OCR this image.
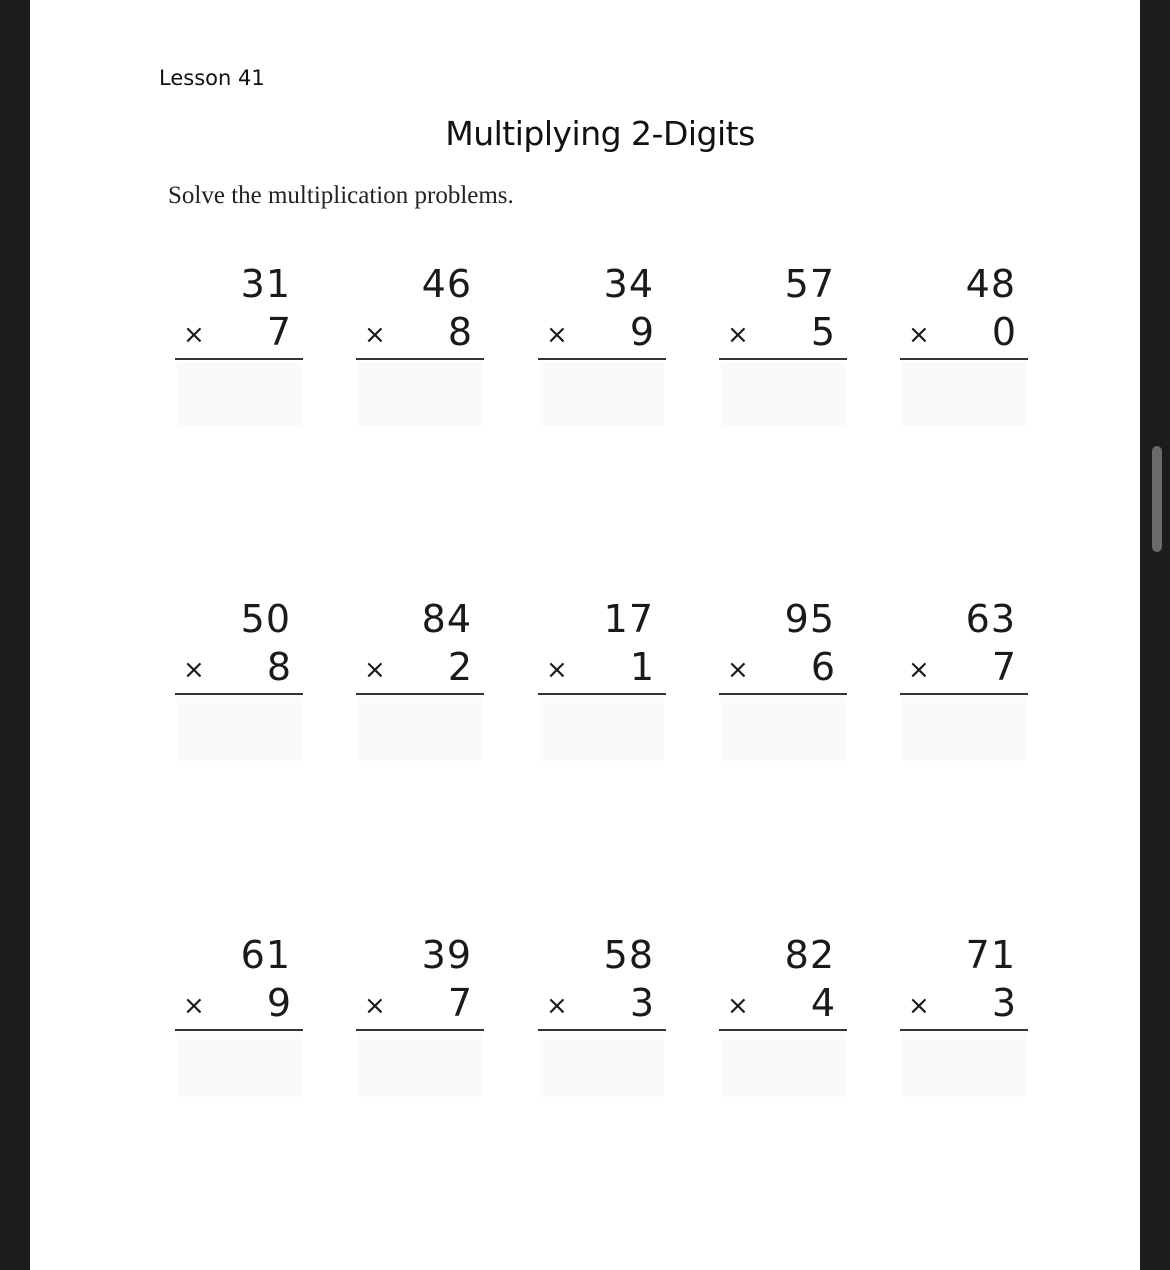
Lesson 41
Multiplying 2-Digits
Solve the multiplication problems.
31
× 7
46
× 8
34
× 9
57
× 5
48
× 0
50
× 8
84
× 2
17
× 1
95
× 6
63
× 7
61
× 9
39
× 7
58
× 3
82
× 4
71
× 3
